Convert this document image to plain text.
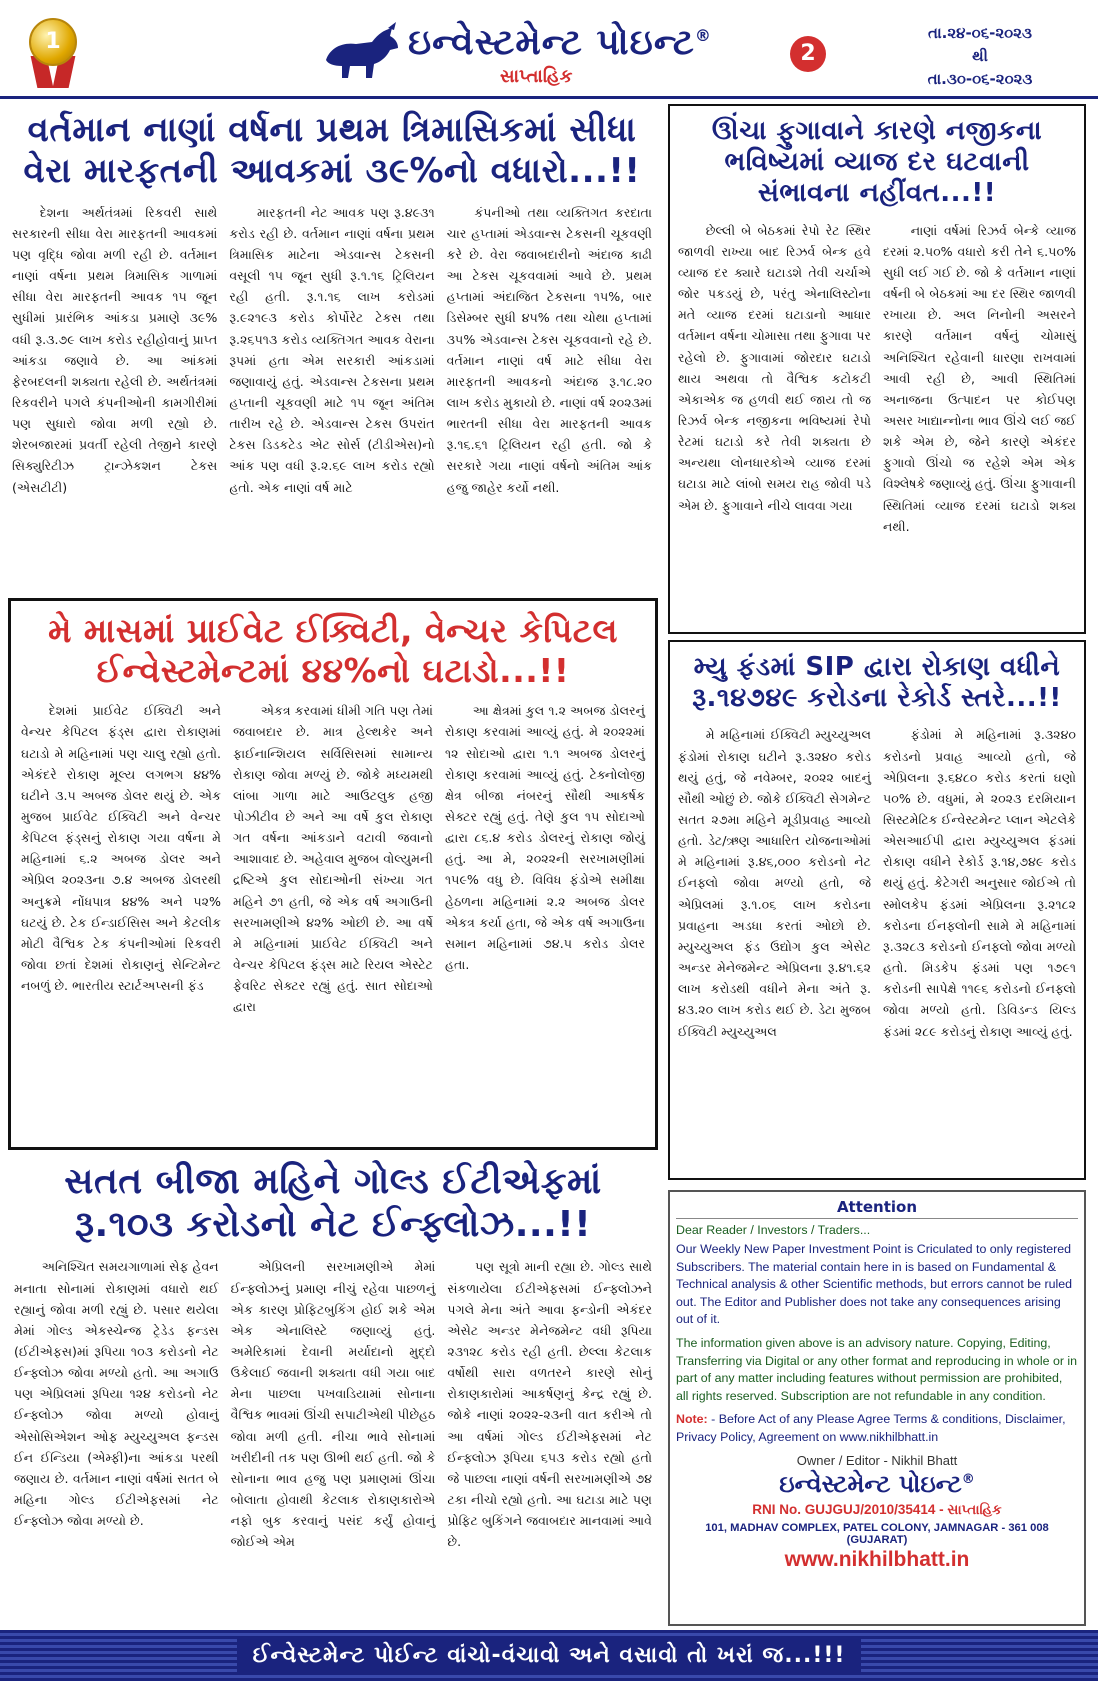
1	ઇન્વેસ્ટમેન્ટ પોઇન્ટ®
સાપ્તાહિક
2
તા.૨૪-૦૬-૨૦૨૩
થી
તા.૩૦-૦૬-૨૦૨૩
વર્તમાન નાણાં વર્ષના પ્રથમ ત્રિમાસિકમાં સીધા વેરા મારફતની આવકમાં ૩૯%નો વધારો...!!

દેશના અર્થતંત્રમાં રિકવરી સાથે સરકારની સીધા વેરા મારફતની આવકમાં પણ વૃદ્ધિ જોવા મળી રહી છે. વર્તમાન નાણાં વર્ષના પ્રથમ ત્રિમાસિક ગાળામાં સીધા વેરા મારફતની આવક ૧૫ જૂન સુધીમાં પ્રારંભિક આંકડા પ્રમાણે ૩૯% વધી રૂ.૩.૭૯ લાખ કરોડ રહીહોવાનું પ્રાપ્ત આંકડા જણાવે છે. આ આંકમાં ફેરબદલની શક્યતા રહેલી છે. અર્થતંત્રમાં રિકવરીને પગલે કંપનીઓની કામગીરીમાં પણ સુધારો જોવા મળી રહ્યો છે. શેરબજારમાં પ્રવર્તી રહેલી તેજીને કારણે સિક્યુરિટીઝ ટ્રાન્ઝેકશન ટેકસ (એસટીટી)

મારફતની નેટ આવક પણ રૂ.૪૯૩૧ કરોડ રહી છે. વર્તમાન નાણાં વર્ષના પ્રથમ ત્રિમાસિક માટેના એડવાન્સ ટેકસની વસૂલી ૧૫ જૂન સુધી રૂ.૧.૧૬ ટ્રિલિયન રહી હતી. રૂ.૧.૧૬ લાખ કરોડમાં રૂ.૯૨૧૯૩ કરોડ કોર્પોરેટ ટેકસ તથા રૂ.૨૬૫૧૩ કરોડ વ્યક્તિગત આવક વેરાના રૂપમાં હતા એમ સરકારી આંકડામાં જણાવાયું હતું. એડવાન્સ ટેકસના પ્રથમ હપ્તાની ચૂકવણી માટે ૧૫ જૂન અંતિમ તારીખ રહે છે. એડવાન્સ ટેકસ ઉપરાંત ટેકસ ડિડકટેડ એટ સોર્સ (ટીડીએસ)નો આંક પણ વધી રૂ.૨.૬૯ લાખ કરોડ રહ્યો હતો. એક નાણાં વર્ષ માટે

કંપનીઓ તથા વ્યક્તિગત કરદાતા ચાર હપ્તામાં એડવાન્સ ટેકસની ચૂકવણી કરે છે. વેરા જવાબદારીનો અંદાજ કાઢી આ ટેકસ ચૂકવવામાં આવે છે. પ્રથમ હપ્તામાં અંદાજિત ટેકસના ૧૫%, બાર ડિસેમ્બર સુધી ૪૫% તથા ચોથા હપ્તામાં ૩૫% એડવાન્સ ટેકસ ચૂકવવાનો રહે છે. વર્તમાન નાણાં વર્ષ માટે સીધા વેરા મારફતની આવકનો અંદાજ રૂ.૧૮.૨૦ લાખ કરોડ મુકાયો છે. નાણાં વર્ષ ૨૦૨૩માં ભારતની સીધા વેરા મારફતની આવક રૂ.૧૬.૬૧ ટ્રિલિયન રહી હતી. જો કે સરકારે ગયા નાણાં વર્ષનો અંતિમ આંક હજુ જાહેર કર્યો નથી.

ઊંચા ફુગાવાને કારણે નજીકના ભવિષ્યમાં વ્યાજ દર ઘટવાની સંભાવના નહીંવત...!!

છેલ્લી બે બેઠકમાં રેપો રેટ સ્થિર જાળવી રાખ્યા બાદ રિઝર્વ બેન્ક હવે વ્યાજ દર ક્યારે ઘટાડશે તેવી ચર્ચાએ જોર પકડયું છે, પરંતુ એનાલિસ્ટોના મતે વ્યાજ દરમાં ઘટાડાનો આધાર વર્તમાન વર્ષના ચોમાસા તથા ફુગાવા પર રહેલો છે. ફુગાવામાં જોરદાર ઘટાડો થાય અથવા તો વૈશ્વિક કટોકટી એકાએક જ હળવી થઈ જાય તો જ રિઝર્વ બેન્ક નજીકના ભવિષ્યમાં રેપો રેટમાં ઘટાડો કરે તેવી શક્યતા છે અન્યથા લોનધારકોએ વ્યાજ દરમાં ઘટાડા માટે લાંબો સમય રાહ જોવી પડે એમ છે. ફુગાવાને નીચે લાવવા ગયા

નાણાં વર્ષમાં રિઝર્વ બેન્કે વ્યાજ દરમાં ૨.૫૦% વધારો કરી તેને ૬.૫૦% સુધી લઈ ગઈ છે. જો કે વર્તમાન નાણાં વર્ષની બે બેઠકમાં આ દર સ્થિર જાળવી રખાયા છે. અલ નિનોની અસરને કારણે વર્તમાન વર્ષનું ચોમાસું અનિશ્ચિત રહેવાની ધારણા રાખવામાં આવી રહી છે, આવી સ્થિતિમાં અનાજના ઉત્પાદન પર કોઈપણ અસર ખાદ્યાન્નોના ભાવ ઊંચે લઈ જઈ શકે એમ છે, જેને કારણે એકંદર ફુગાવો ઊંચો જ રહેશે એમ એક વિશ્લેષકે જણાવ્યું હતું. ઊંચા ફુગાવાની સ્થિતિમાં વ્યાજ દરમાં ઘટાડો શક્ય નથી.

મે માસમાં પ્રાઈવેટ ઈક્વિટી, વેન્ચર કેપિટલ ઈન્વેસ્ટમેન્ટમાં ૪૪%નો ઘટાડો...!!

દેશમાં પ્રાઈવેટ ઈક્વિટી અને વેન્ચર કેપિટલ ફંડ્સ દ્વારા રોકાણમાં ઘટાડો મે મહિનામાં પણ ચાલુ રહ્યો હતો. એકંદરે રોકાણ મૂલ્ય લગભગ ૪૪% ઘટીને ૩.૫ અબજ ડોલર થયું છે. એક મુજબ પ્રાઈવેટ ઈક્વિટી અને વેન્ચર કેપિટલ ફંડ્સનું રોકાણ ગયા વર્ષના મે મહિનામાં ૬.૨ અબજ ડોલર અને એપ્રિલ ૨૦૨૩ના ૭.૪ અબજ ડોલરથી અનુક્રમે નોંધપાત્ર ૪૪% અને ૫૨% ઘટયું છે. ટેક ઈન્ડાઈસિસ અને કેટલીક મોટી વૈશ્વિક ટેક કંપનીઓમાં રિકવરી જોવા છતાં દેશમાં રોકાણનું સેન્ટિમેન્ટ નબળું છે. ભારતીય સ્ટાર્ટઅપ્સની ફંડ

એકત્ર કરવામાં ધીમી ગતિ પણ તેમાં જવાબદાર છે. માત્ર હેલ્થકેર અને ફાઈનાન્શિયલ સર્વિસિસમાં સામાન્ય રોકાણ જોવા મળ્યું છે. જોકે મધ્યમથી લાંબા ગાળા માટે આઉટલુક હજી પોઝીટીવ છે અને આ વર્ષે કુલ રોકાણ ગત વર્ષના આંકડાને વટાવી જવાનો આશાવાદ છે. અહેવાલ મુજબ વોલ્યુમની દ્રષ્ટિએ કુલ સોદાઓની સંખ્યા ગત મહિને ૭૧ હતી, જે એક વર્ષ અગાઉની સરખામણીએ ૪૨% ઓછી છે. આ વર્ષે મે મહિનામાં પ્રાઈવેટ ઈક્વિટી અને વેન્ચર કેપિટલ ફંડ્સ માટે રિયલ એસ્ટેટ ફેવરિટ સેક્ટર રહ્યું હતું. સાત સોદાઓ દ્વારા

આ ક્ષેત્રમાં કુલ ૧.૨ અબજ ડોલરનું રોકાણ કરવામાં આવ્યું હતું. મે ૨૦૨૨માં ૧૨ સોદાઓ દ્વારા ૧.૧ અબજ ડોલરનું રોકાણ કરવામાં આવ્યું હતું. ટેક્નોલોજી ક્ષેત્ર બીજા નંબરનું સૌથી આકર્ષક સેક્ટર રહ્યું હતું. તેણે કુલ ૧૫ સોદાઓ દ્વારા ૮૬.૪ કરોડ ડોલરનું રોકાણ જોયું હતું. આ મે, ૨૦૨૨ની સરખામણીમાં ૧૫૯% વધુ છે. વિવિધ ફંડોએ સમીક્ષા હેઠળના મહિનામાં ૨.૨ અબજ ડોલર એકત્ર કર્યા હતા, જે એક વર્ષ અગાઉના સમાન મહિનામાં ૭૪.૫ કરોડ ડોલર હતા.

મ્યુ ફંડમાં SIP દ્વારા રોકાણ વધીને રૂ.૧૪૭૪૯ કરોડના રેકોર્ડ સ્તરે...!!

મે મહિનામાં ઈક્વિટી મ્યુચ્યુઅલ ફંડોમાં રોકાણ ઘટીને રૂ.૩૨૪૦ કરોડ થયું હતું, જે નવેમ્બર, ૨૦૨૨ બાદનું સૌથી ઓછું છે. જોકે ઈક્વિટી સેગમેન્ટ સતત ૨૭મા મહિને મૂડીપ્રવાહ આવ્યો હતો. ડેટ/ઋણ આધારિત યોજનાઓમાં મે મહિનામાં રૂ.૪૬,૦૦૦ કરોડનો નેટ ઈનફ્લો જોવા મળ્યો હતો, જે એપ્રિલમાં રૂ.૧.૦૬ લાખ કરોડના પ્રવાહના અડધા કરતાં ઓછો છે. મ્યુચ્યુઅલ ફંડ ઉદ્યોગ કુલ એસેટ અન્ડર મેનેજમેન્ટ એપ્રિલના રૂ.૪૧.૬૨ લાખ કરોડથી વધીને મેના અંતે રૂ. ૪૩.૨૦ લાખ કરોડ થઈ છે. ડેટા મુજબ ઈક્વિટી મ્યુચ્યુઅલ

ફંડોમાં મે મહિનામાં રૂ.૩૨૪૦ કરોડનો પ્રવાહ આવ્યો હતો, જે એપ્રિલના રૂ.૬૪૮૦ કરોડ કરતાં ઘણો ૫૦% છે. વધુમાં, મે ૨૦૨૩ દરમિયાન સિસ્ટમેટિક ઈન્વેસ્ટમેન્ટ પ્લાન એટલેકે એસઆઈપી દ્વારા મ્યુચ્યુઅલ ફંડમાં રોકાણ વધીને રેકોર્ડ રૂ.૧૪,૭૪૯ કરોડ થયું હતું. કેટેગરી અનુસાર જોઈએ તો સ્મોલકેપ ફંડમાં એપ્રિલના રૂ.૨૧૮૨ કરોડના ઈનફ્લોની સામે મે મહિનામાં રૂ.૩૨૮૩ કરોડનો ઈનફ્લો જોવા મળ્યો હતો. મિડકેપ ફંડમાં પણ ૧૭૯૧ કરોડની સાપેક્ષે ૧૧૯૬ કરોડનો ઈનફ્લો જોવા મળ્યો હતો. ડિવિડન્ડ યિલ્ડ ફંડમાં ૨૮૯ કરોડનું રોકાણ આવ્યું હતું.

સતત બીજા મહિને ગોલ્ડ ઈટીએફમાં રૂ.૧૦૩ કરોડનો નેટ ઈન્ફ્લોઝ...!!

અનિશ્ચિત સમયગાળામાં સેફ હેવન મનાતા સોનામાં રોકાણમાં વધારો થઈ રહ્યાનું જોવા મળી રહ્યું છે. પસાર થયેલા મેમાં ગોલ્ડ એકસ્ચેન્જ ટ્રેડેડ ફન્ડસ (ઈટીએફસ)માં રૂપિયા ૧૦૩ કરોડનો નેટ ઈન્ફ્લોઝ જોવા મળ્યો હતો. આ અગાઉ પણ એપ્રિલમાં રૂપિયા ૧૨૪ કરોડનો નેટ ઈન્ફ્લોઝ જોવા મળ્યો હોવાનું એસોસિએશન ઓફ મ્યુચ્યુઅલ ફન્ડસ ઈન ઈન્ડિયા (એમ્ફી)ના આંકડા પરથી જણાય છે. વર્તમાન નાણાં વર્ષમાં સતત બે મહિના ગોલ્ડ ઈટીએફસમાં નેટ ઈન્ફ્લોઝ જોવા મળ્યો છે.

એપ્રિલની સરખામણીએ મેમાં ઈન્ફ્લોઝનું પ્રમાણ નીચું રહેવા પાછળનું એક કારણ પ્રોફિટબુકિંગ હોઈ શકે એમ એક એનાલિસ્ટે જણાવ્યું હતું. અમેરિકામાં દેવાની મર્યાદાનો મુદ્દો ઉકેલાઈ જવાની શક્યતા વધી ગયા બાદ મેના પાછલા પખવાડિયામાં સોનાના વૈશ્વિક ભાવમાં ઊંચી સપાટીએથી પીછેહઠ જોવા મળી હતી. નીચા ભાવે સોનામાં ખરીદીની તક પણ ઊભી થઈ હતી. જો કે સોનાના ભાવ હજુ પણ પ્રમાણમાં ઊંચા બોલાતા હોવાથી કેટલાક રોકાણકારોએ નફો બુક કરવાનું પસંદ કર્યું હોવાનું જોઈએ એમ

પણ સૂત્રો માની રહ્યા છે. ગોલ્ડ સાથે સંકળાયેલા ઈટીએફસમાં ઈન્ફ્લોઝને પગલે મેના અંતે આવા ફન્ડોની એકંદર એસેટ અન્ડર મેનેજમેન્ટ વધી રૂપિયા ૨૩૧૨૮ કરોડ રહી હતી. છેલ્લા કેટલાક વર્ષોથી સારા વળતરને કારણે સોનું રોકાણકારોમાં આકર્ષણનું કેન્દ્ર રહ્યું છે. જોકે નાણાં ૨૦૨૨-૨૩ની વાત કરીએ તો આ વર્ષમાં ગોલ્ડ ઈટીએફસમાં નેટ ઈન્ફ્લોઝ રૂપિયા ૬૫૩ કરોડ રહ્યો હતો જે પાછલા નાણાં વર્ષની સરખામણીએ ૭૪ ટકા નીચો રહ્યો હતો. આ ઘટાડા માટે પણ પ્રોફિટ બુકિંગને જવાબદાર માનવામાં આવે છે.

Attention
Dear Reader / Investors / Traders...
Our Weekly New Paper Investment Point is Criculated to only registered Subscribers. The material contain here in is based on Fundamental & Technical analysis & other Scientific methods, but errors cannot be ruled out. The Editor and Publisher does not take any consequences arising out of it.
The information given above is an advisory nature. Copying, Editing, Transferring via Digital or any other format and reproducing in whole or in part of any matter including features without permission are prohibited, all rights reserved. Subscription are not refundable in any condition.
Note: - Before Act of any Please Agree Terms & conditions, Disclaimer, Privacy Policy, Agreement on www.nikhilbhatt.in
Owner / Editor - Nikhil Bhatt
ઇન્વેસ્ટમેન્ટ પોઇન્ટ®
RNI No. GUJGUJ/2010/35414 - સાપ્તાહિક
101, MADHAV COMPLEX, PATEL COLONY, JAMNAGAR - 361 008 (GUJARAT)
www.nikhilbhatt.in
ઈન્વેસ્ટમેન્ટ પોઈન્ટ વાંચો-વંચાવો અને વસાવો તો ખરાં જ...!!!
